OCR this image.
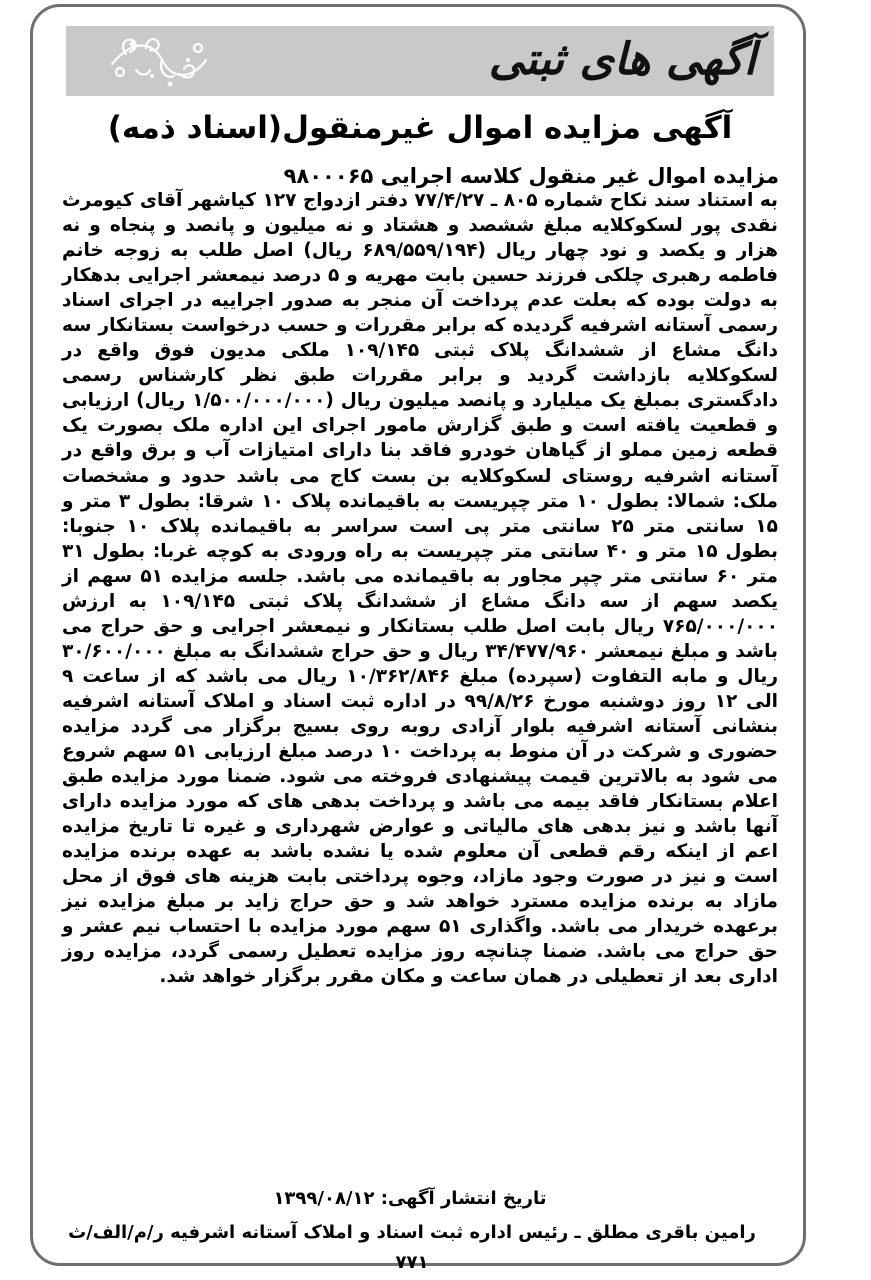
آگهی های ثبتی
آگهی مزایده اموال غیرمنقول(اسناد ذمه)
مزایده اموال غیر منقول کلاسه اجرایی ۹۸۰۰۰۶۵
به استناد سند نکاح شماره ۸۰۵ ـ ۷۷/۴/۲۷ دفتر ازدواج ۱۲۷ کیاشهر آقای کیومرث نقدی پور لسکوکلایه مبلغ ششصد و هشتاد و نه میلیون و پانصد و پنجاه و نه هزار و یکصد و نود چهار ریال (۶۸۹/۵۵۹/۱۹۴ ریال) اصل طلب به زوجه خانم فاطمه رهبری چلکی فرزند حسین بابت مهریه و ۵ درصد نیمعشر اجرایی بدهکار به دولت بوده که بعلت عدم پرداخت آن منجر به صدور اجراییه در اجرای اسناد رسمی آستانه اشرفیه گردیده که برابر مقررات و حسب درخواست بستانکار سه دانگ مشاع از ششدانگ پلاک ثبتی ۱۰۹/۱۴۵ ملکی مدیون فوق واقع در لسکوکلایه بازداشت گردید و برابر مقررات طبق نظر کارشناس رسمی دادگستری بمبلغ یک میلیارد و پانصد میلیون ریال (۱/۵۰۰/۰۰۰/۰۰۰ ریال) ارزیابی و قطعیت یافته است و طبق گزارش مامور اجرای این اداره ملک بصورت یک قطعه زمین مملو از گیاهان خودرو فاقد بنا دارای امتیازات آب و برق واقع در آستانه اشرفیه روستای لسکوکلایه بن بست کاج می باشد حدود و مشخصات ملک: شمالا: بطول ۱۰ متر چپریست به باقیمانده پلاک ۱۰ شرقا: بطول ۳ متر و ۱۵ سانتی متر ۲۵ سانتی متر پی است سراسر به باقیمانده پلاک ۱۰ جنوبا: بطول ۱۵ متر و ۴۰ سانتی متر چپریست به راه ورودی به کوچه غربا: بطول ۳۱ متر ۶۰ سانتی متر چپر مجاور به باقیمانده می باشد. جلسه مزایده ۵۱ سهم از یکصد سهم از سه دانگ مشاع از ششدانگ پلاک ثبتی ۱۰۹/۱۴۵ به ارزش ۷۶۵/۰۰۰/۰۰۰ ریال بابت اصل طلب بستانکار و نیمعشر اجرایی و حق حراج می باشد و مبلغ نیمعشر ۳۴/۴۷۷/۹۶۰ ریال و حق حراج ششدانگ به مبلغ ۳۰/۶۰۰/۰۰۰ ریال و مابه التفاوت (سپرده) مبلغ ۱۰/۳۶۲/۸۴۶ ریال می باشد که از ساعت ۹ الی ۱۲ روز دوشنبه مورخ ۹۹/۸/۲۶ در اداره ثبت اسناد و املاک آستانه اشرفیه بنشانی آستانه اشرفیه بلوار آزادی روبه روی بسیج برگزار می گردد مزایده حضوری و شرکت در آن منوط به پرداخت ۱۰ درصد مبلغ ارزیابی ۵۱ سهم شروع می شود به بالاترین قیمت پیشنهادی فروخته می شود. ضمنا مورد مزایده طبق اعلام بستانکار فاقد بیمه می باشد و پرداخت بدهی های که مورد مزایده دارای آنها باشد و نیز بدهی های مالیاتی و عوارض شهرداری و غیره تا تاریخ مزایده اعم از اینکه رقم قطعی آن معلوم شده یا نشده باشد به عهده برنده مزایده است و نیز در صورت وجود مازاد، وجوه پرداختی بابت هزینه های فوق از محل مازاد به برنده مزایده مسترد خواهد شد و حق حراج زاید بر مبلغ مزایده نیز برعهده خریدار می باشد. واگذاری ۵۱ سهم مورد مزایده با احتساب نیم عشر و حق حراج می باشد. ضمنا چنانچه روز مزایده تعطیل رسمی گردد، مزایده روز اداری بعد از تعطیلی در همان ساعت و مکان مقرر برگزار خواهد شد.
تاریخ انتشار آگهی: ۱۳۹۹/۰۸/۱۲
رامین باقری مطلق ـ رئیس اداره ثبت اسناد و املاک آستانه اشرفیه ر/م/الف/ث ۷۷۱
